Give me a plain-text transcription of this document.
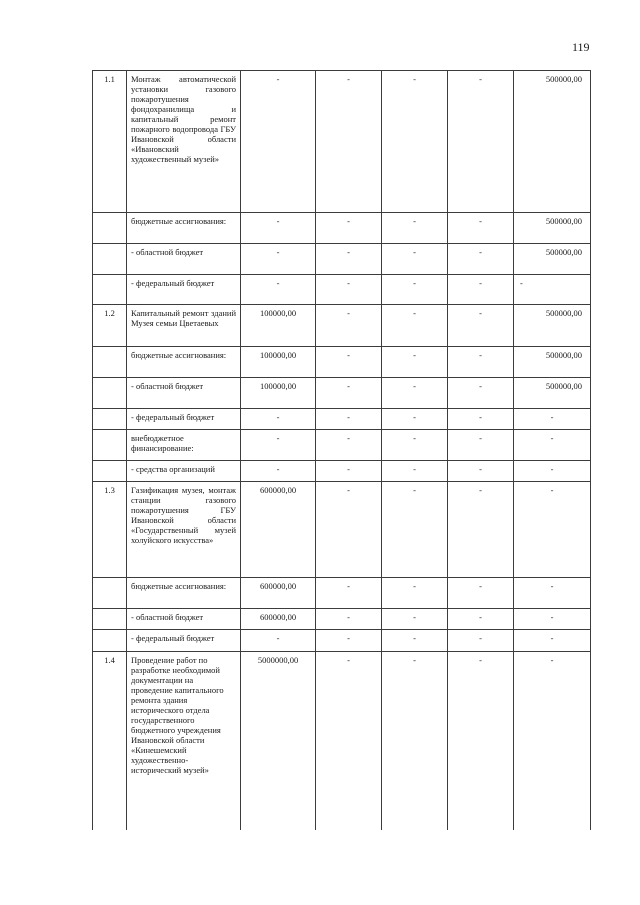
119
1.1	Монтаж автоматической установки газового пожаротушения фондохранилища и капитальный ремонт пожарного водопровода ГБУ Ивановской области «Ивановский художественный музей»	-	-	-	-	500000,00
	бюджетные ассигнования:	-	-	-	-	500000,00
	- областной бюджет	-	-	-	-	500000,00
	- федеральный бюджет	-	-	-	-	-
1.2	Капитальный ремонт зданий Музея семьи Цветаевых	100000,00	-	-	-	500000,00
	бюджетные ассигнования:	100000,00	-	-	-	500000,00
	- областной бюджет	100000,00	-	-	-	500000,00
	- федеральный бюджет	-	-	-	-	-
	внебюджетное финансирование:	-	-	-	-	-
	- средства организаций	-	-	-	-	-
1.3	Газификация музея, монтаж станции газового пожаротушения ГБУ Ивановской области «Государственный музей холуйского искусства»	600000,00	-	-	-	-
	бюджетные ассигнования:	600000,00	-	-	-	-
	- областной бюджет	600000,00	-	-	-	-
	- федеральный бюджет	-	-	-	-	-
1.4	Проведение работ по разработке необходимой документации на проведение капитального ремонта здания исторического отдела государственного бюджетного учреждения Ивановской области «Кинешемский художественно-исторический музей»	5000000,00	-	-	-	-
